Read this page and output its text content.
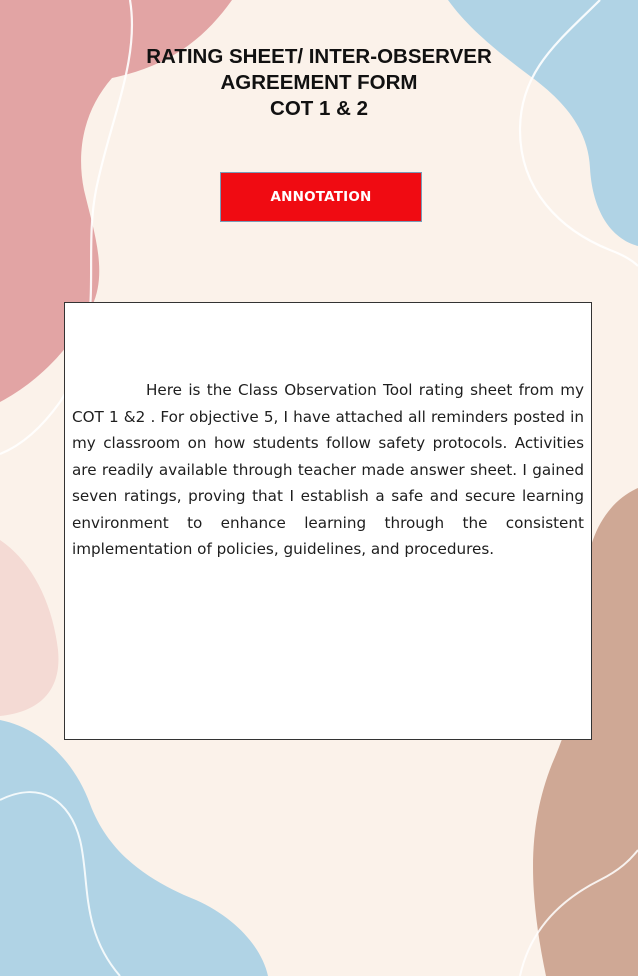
RATING SHEET/ INTER-OBSERVER
AGREEMENT FORM
COT 1 & 2
ANNOTATION

Here is the Class Observation Tool rating sheet from my COT 1 &2 . For objective 5, I have attached all reminders posted in my classroom on how students follow safety protocols. Activities are readily available through teacher made answer sheet. I gained seven ratings, proving that I establish a safe and secure learning environment to enhance learning through the consistent implementation of policies, guidelines, and procedures.
